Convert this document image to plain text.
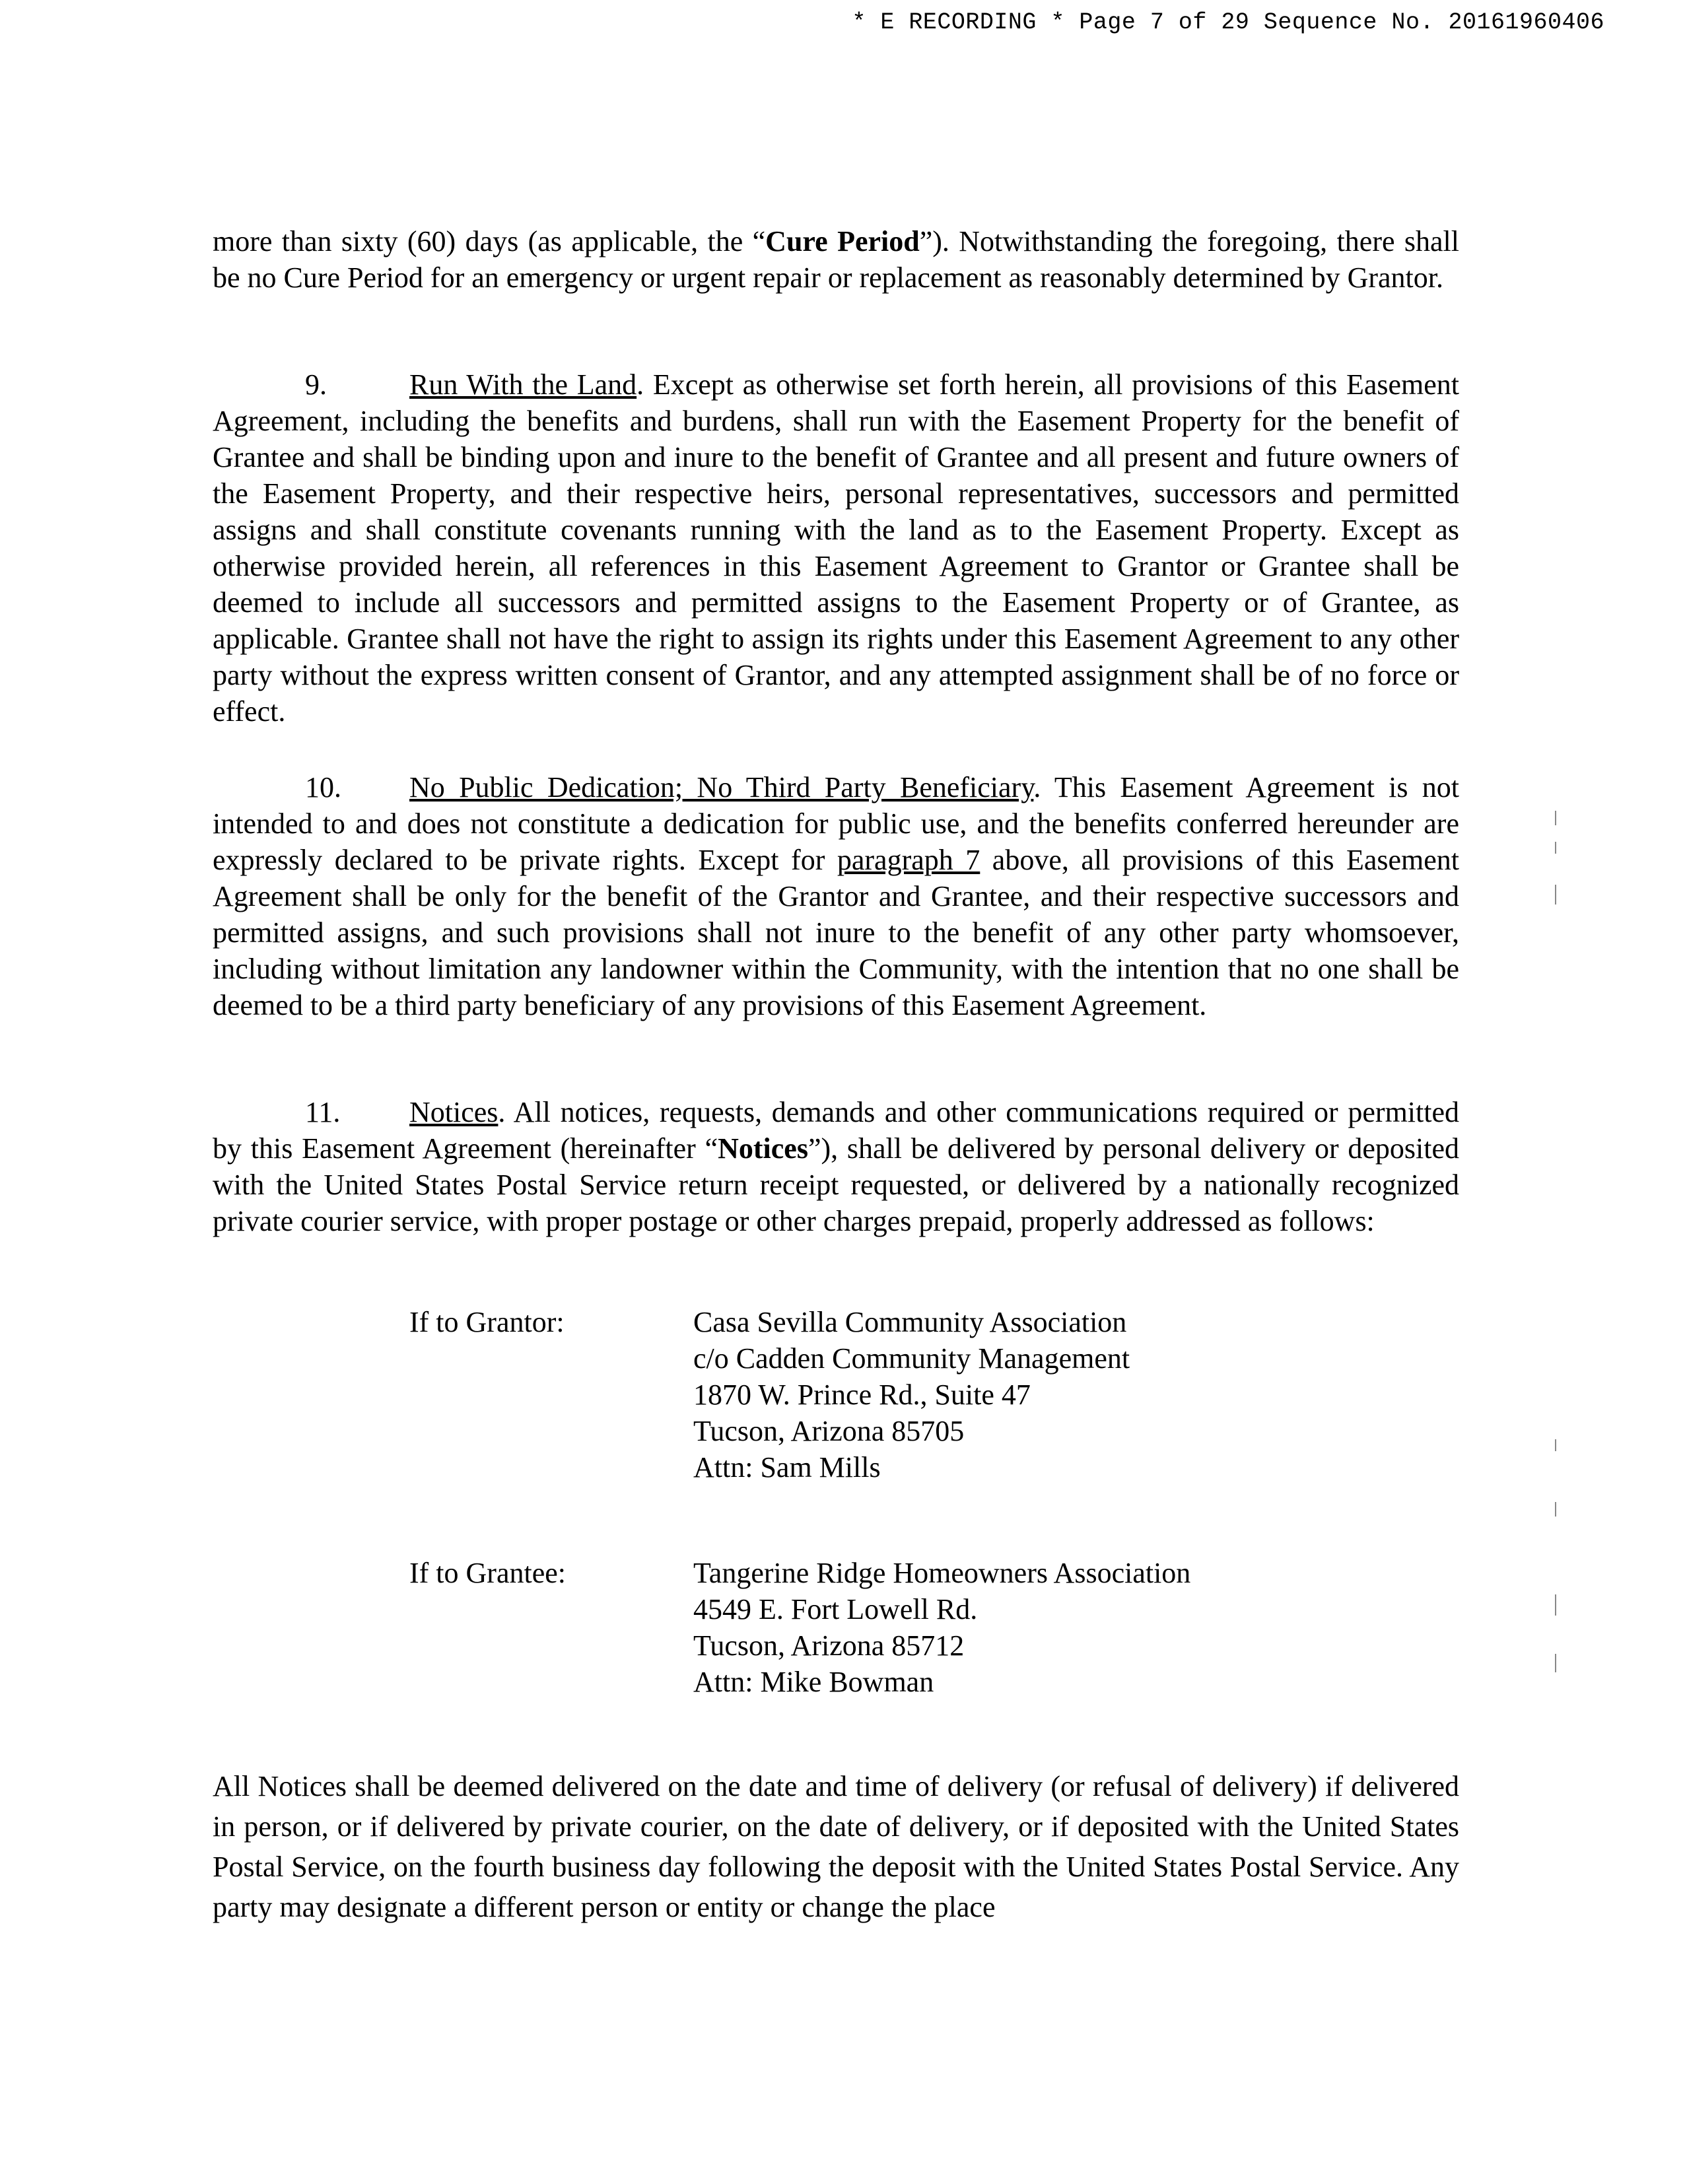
* E RECORDING * Page 7 of 29 Sequence No. 20161960406

more than sixty (60) days (as applicable, the “Cure Period”). Notwithstanding the foregoing, there shall be no Cure Period for an emergency or urgent repair or replacement as reasonably determined by Grantor.

9.	Run With the Land. Except as otherwise set forth herein, all provisions of this Easement Agreement, including the benefits and burdens, shall run with the Easement Property for the benefit of Grantee and shall be binding upon and inure to the benefit of Grantee and all present and future owners of the Easement Property, and their respective heirs, personal representatives, successors and permitted assigns and shall constitute covenants running with the land as to the Easement Property. Except as otherwise provided herein, all references in this Easement Agreement to Grantor or Grantee shall be deemed to include all successors and permitted assigns to the Easement Property or of Grantee, as applicable. Grantee shall not have the right to assign its rights under this Easement Agreement to any other party without the express written consent of Grantor, and any attempted assignment shall be of no force or effect.

10. No Public Dedication; No Third Party Beneficiary. This Easement Agreement is not intended to and does not constitute a dedication for public use, and the benefits conferred hereunder are expressly declared to be private rights. Except for paragraph 7 above, all provisions of this Easement Agreement shall be only for the benefit of the Grantor and Grantee, and their respective successors and permitted assigns, and such provisions shall not inure to the benefit of any other party whomsoever, including without limitation any landowner within the Community, with the intention that no one shall be deemed to be a third party beneficiary of any provisions of this Easement Agreement.

11. Notices. All notices, requests, demands and other communications required or permitted by this Easement Agreement (hereinafter “Notices”), shall be delivered by personal delivery or deposited with the United States Postal Service return receipt requested, or delivered by a nationally recognized private courier service, with proper postage or other charges prepaid, properly addressed as follows:

If to Grantor:	Casa Sevilla Community Association
c/o Cadden Community Management
1870 W. Prince Rd., Suite 47
Tucson, Arizona 85705
Attn: Sam Mills
If to Grantee:	Tangerine Ridge Homeowners Association
4549 E. Fort Lowell Rd.
Tucson, Arizona 85712
Attn: Mike Bowman

All Notices shall be deemed delivered on the date and time of delivery (or refusal of delivery) if delivered in person, or if delivered by private courier, on the date of delivery, or if deposited with the United States Postal Service, on the fourth business day following the deposit with the United States Postal Service. Any party may designate a different person or entity or change the place
